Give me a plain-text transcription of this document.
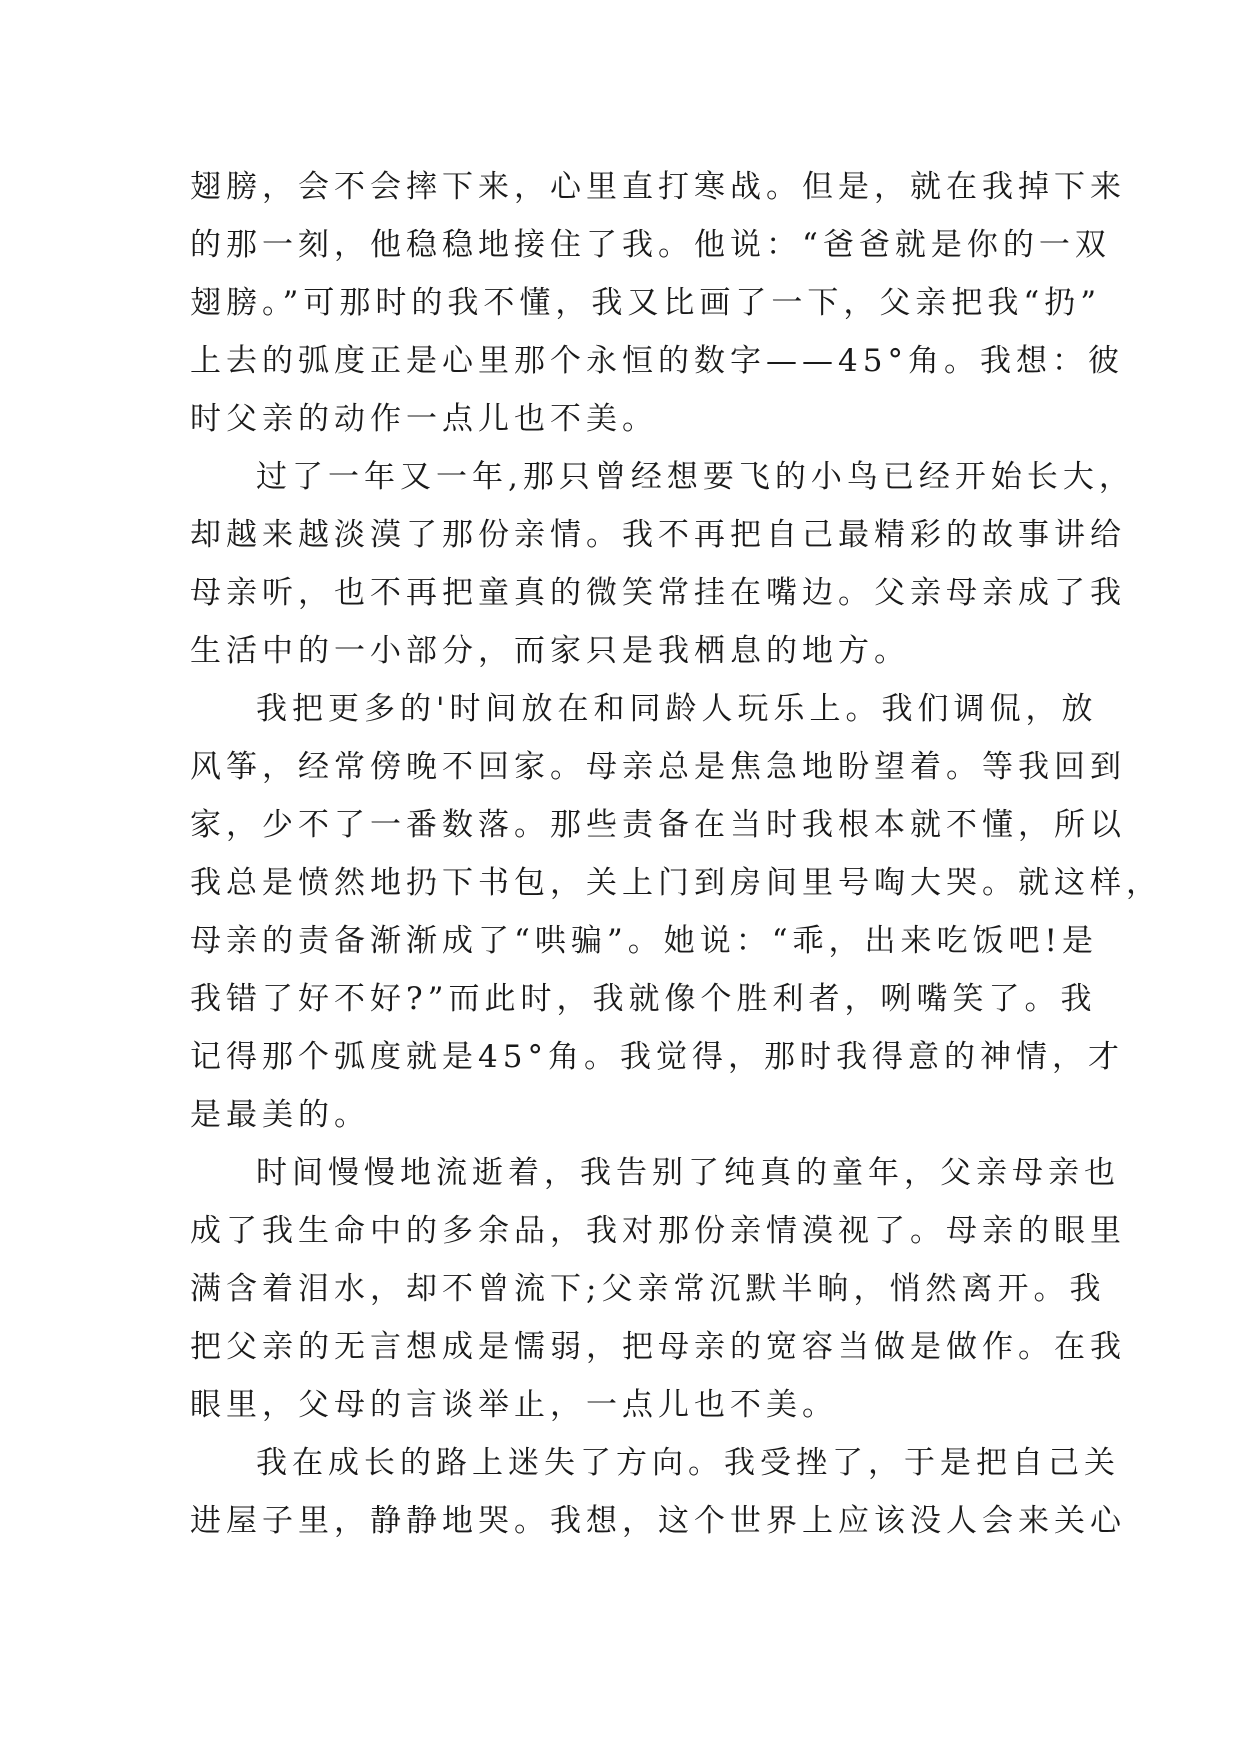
翅膀，会不会摔下来，心里直打寒战。但是，就在我掉下来
的那一刻，他稳稳地接住了我。他说：“爸爸就是你的一双
翅膀。”可那时的我不懂，我又比画了一下，父亲把我“扔”
上去的弧度正是心里那个永恒的数字——45°角。我想：彼
时父亲的动作一点儿也不美。
过了一年又一年,那只曾经想要飞的小鸟已经开始长大，
却越来越淡漠了那份亲情。我不再把自己最精彩的故事讲给
母亲听，也不再把童真的微笑常挂在嘴边。父亲母亲成了我
生活中的一小部分，而家只是我栖息的地方。
我把更多的'时间放在和同龄人玩乐上。我们调侃，放
风筝，经常傍晚不回家。母亲总是焦急地盼望着。等我回到
家，少不了一番数落。那些责备在当时我根本就不懂，所以
我总是愤然地扔下书包，关上门到房间里号啕大哭。就这样，
母亲的责备渐渐成了“哄骗”。她说：“乖，出来吃饭吧!是
我错了好不好?”而此时，我就像个胜利者，咧嘴笑了。我
记得那个弧度就是45°角。我觉得，那时我得意的神情，才
是最美的。
时间慢慢地流逝着，我告别了纯真的童年，父亲母亲也
成了我生命中的多余品，我对那份亲情漠视了。母亲的眼里
满含着泪水，却不曾流下;父亲常沉默半晌，悄然离开。我
把父亲的无言想成是懦弱，把母亲的宽容当做是做作。在我
眼里，父母的言谈举止，一点儿也不美。
我在成长的路上迷失了方向。我受挫了，于是把自己关
进屋子里，静静地哭。我想，这个世界上应该没人会来关心
